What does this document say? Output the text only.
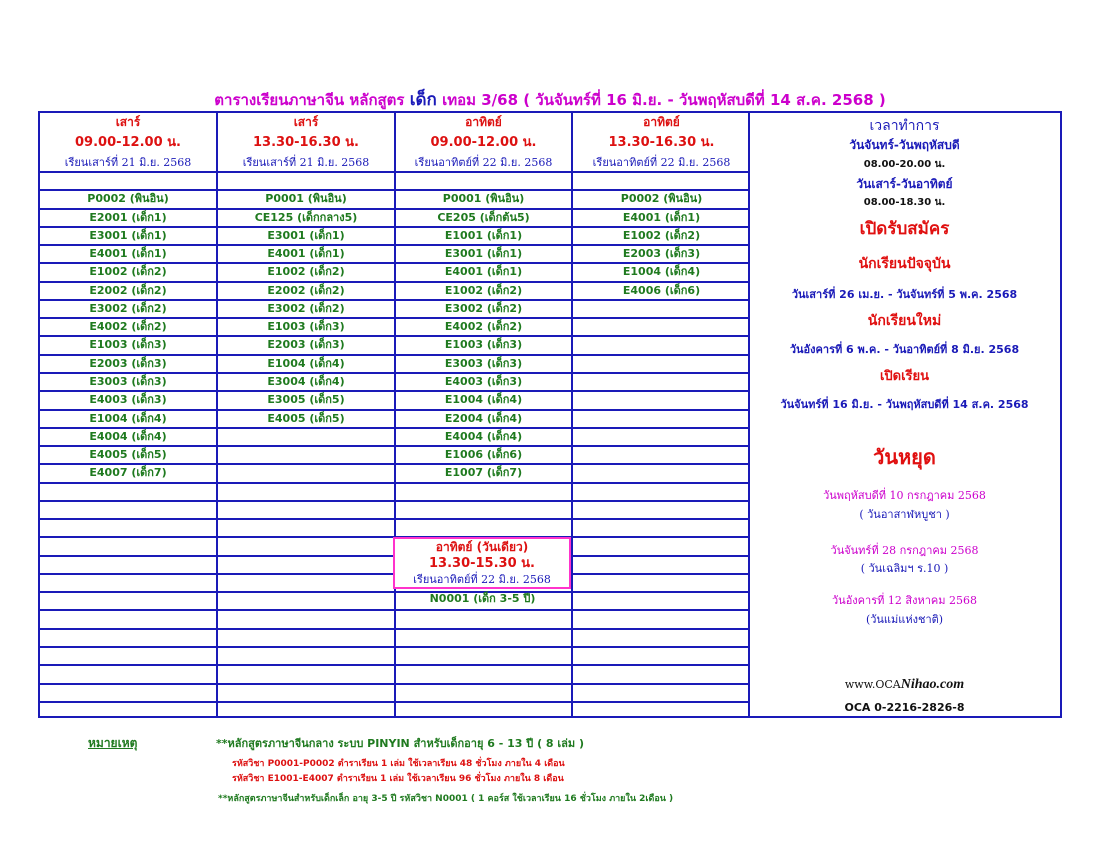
ตารางเรียนภาษาจีน หลักสูตร เด็ก เทอม 3/68 ( วันจันทร์ที่ 16 มิ.ย. - วันพฤหัสบดีที่ 14 ส.ค. 2568 )
เสาร์
09.00-12.00 น.
เรียนเสาร์ที่ 21 มิ.ย. 2568
เสาร์
13.30-16.30 น.
เรียนเสาร์ที่ 21 มิ.ย. 2568
อาทิตย์
09.00-12.00 น.
เรียนอาทิตย์ที่ 22 มิ.ย. 2568
อาทิตย์
13.30-16.30 น.
เรียนอาทิตย์ที่ 22 มิ.ย. 2568
P0002 (พินอิน)
E2001 (เด็ก1)
E3001 (เด็ก1)
E4001 (เด็ก1)
E1002 (เด็ก2)
E2002 (เด็ก2)
E3002 (เด็ก2)
E4002 (เด็ก2)
E1003 (เด็ก3)
E2003 (เด็ก3)
E3003 (เด็ก3)
E4003 (เด็ก3)
E1004 (เด็ก4)
E4004 (เด็ก4)
E4005 (เด็ก5)
E4007 (เด็ก7)
P0001 (พินอิน)
CE125 (เด็กกลาง5)
E3001 (เด็ก1)
E4001 (เด็ก1)
E1002 (เด็ก2)
E2002 (เด็ก2)
E3002 (เด็ก2)
E1003 (เด็ก3)
E2003 (เด็ก3)
E1004 (เด็ก4)
E3004 (เด็ก4)
E3005 (เด็ก5)
E4005 (เด็ก5)
P0001 (พินอิน)
CE205 (เด็กต้น5)
E1001 (เด็ก1)
E3001 (เด็ก1)
E4001 (เด็ก1)
E1002 (เด็ก2)
E3002 (เด็ก2)
E4002 (เด็ก2)
E1003 (เด็ก3)
E3003 (เด็ก3)
E4003 (เด็ก3)
E1004 (เด็ก4)
E2004 (เด็ก4)
E4004 (เด็ก4)
E1006 (เด็ก6)
E1007 (เด็ก7)
P0002 (พินอิน)
E4001 (เด็ก1)
E1002 (เด็ก2)
E2003 (เด็ก3)
E1004 (เด็ก4)
E4006 (เด็ก6)
อาทิตย์ (วันเดียว)
13.30-15.30 น.
เรียนอาทิตย์ที่ 22 มิ.ย. 2568
N0001 (เด็ก 3-5 ปี)
เวลาทำการ
วันจันทร์-วันพฤหัสบดี
08.00-20.00 น.
วันเสาร์-วันอาทิตย์
08.00-18.30 น.
เปิดรับสมัคร
นักเรียนปัจจุบัน
วันเสาร์ที่ 26 เม.ย. - วันจันทร์ที่ 5 พ.ค. 2568
นักเรียนใหม่
วันอังคารที่ 6 พ.ค. - วันอาทิตย์ที่ 8 มิ.ย. 2568
เปิดเรียน
วันจันทร์ที่ 16 มิ.ย. - วันพฤหัสบดีที่ 14 ส.ค. 2568
วันหยุด
วันพฤหัสบดีที่ 10 กรกฎาคม 2568
( วันอาสาฬหบูชา )
วันจันทร์ที่ 28 กรกฎาคม 2568
( วันเฉลิมฯ ร.10 )
วันอังคารที่ 12 สิงหาคม 2568
(วันแม่แห่งชาติ)
www.OCANihao.com
OCA 0-2216-2826-8
หมายเหตุ	**หลักสูตรภาษาจีนกลาง ระบบ PINYIN สำหรับเด็กอายุ 6 - 13 ปี ( 8 เล่ม )
รหัสวิชา P0001-P0002 ตำราเรียน 1 เล่ม ใช้เวลาเรียน 48 ชั่วโมง ภายใน 4 เดือน
รหัสวิชา E1001-E4007 ตำราเรียน 1 เล่ม ใช้เวลาเรียน 96 ชั่วโมง ภายใน 8 เดือน
**หลักสูตรภาษาจีนสำหรับเด็กเล็ก อายุ 3-5 ปี รหัสวิชา N0001 ( 1 คอร์ส ใช้เวลาเรียน 16 ชั่วโมง ภายใน 2เดือน )
